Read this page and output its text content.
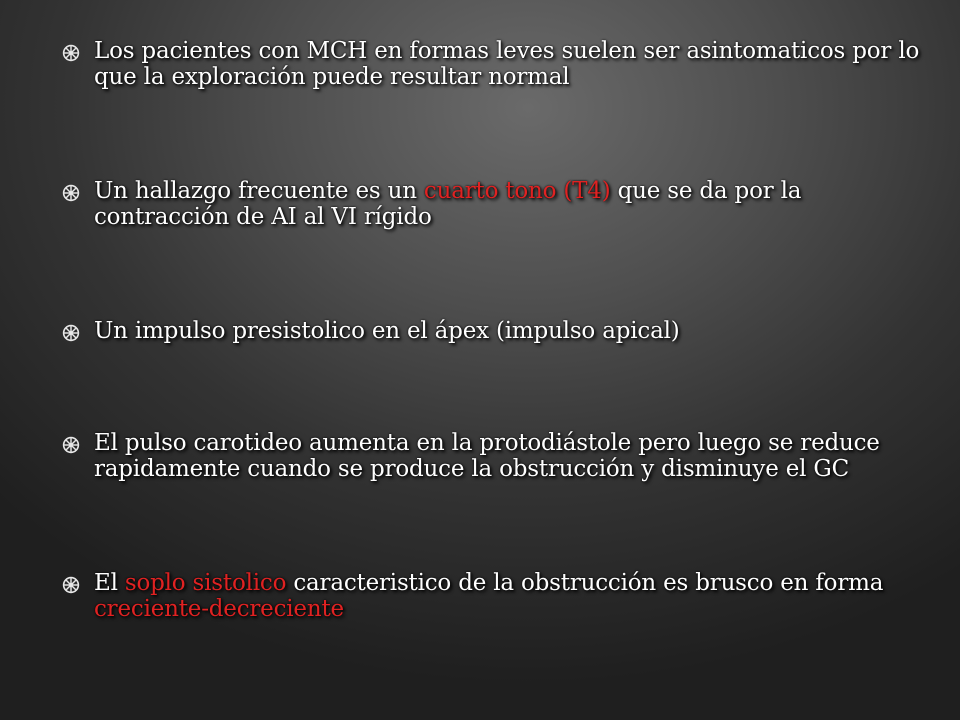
Los pacientes con MCH en formas leves suelen ser asintomaticos por lo que la exploración puede resultar normal
Un hallazgo frecuente es un cuarto tono (T4) que se da por la contracción de AI al VI rígido
Un impulso presistolico en el ápex (impulso apical)
El pulso carotideo aumenta en la protodiástole pero luego se reduce rapidamente cuando se produce la obstrucción y disminuye el GC
El soplo sistolico caracteristico de la obstrucción es brusco en forma creciente-decreciente
